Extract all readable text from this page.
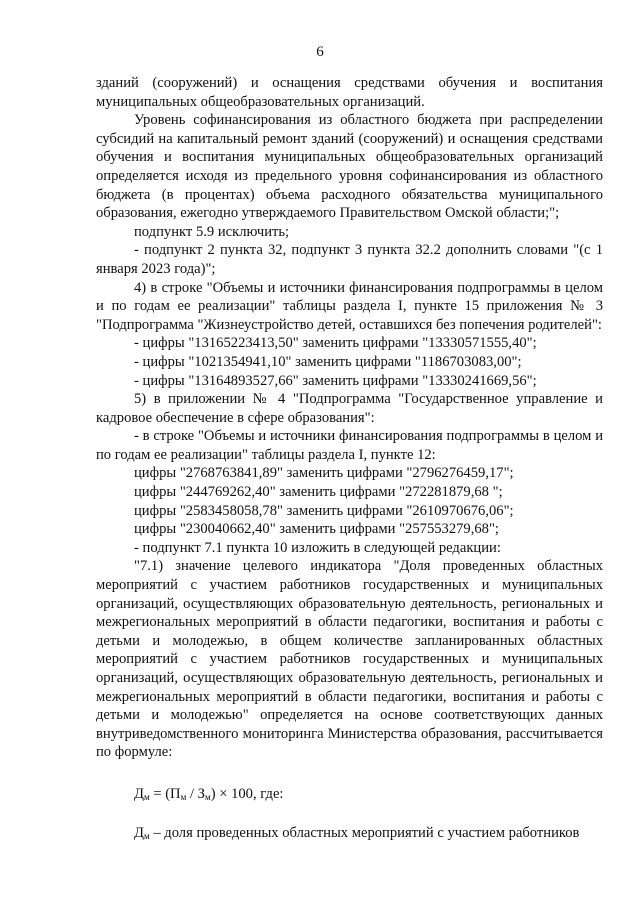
6

зданий (сооружений) и оснащения средствами обучения и воспитания муниципальных общеобразовательных организаций.

Уровень софинансирования из областного бюджета при распределении субсидий на капитальный ремонт зданий (сооружений) и оснащения средствами обучения и воспитания муниципальных общеобразовательных организаций определяется исходя из предельного уровня софинансирования из областного бюджета (в процентах) объема расходного обязательства муниципального образования, ежегодно утверждаемого Правительством Омской области;";

подпункт 5.9 исключить;

- подпункт 2 пункта 32, подпункт 3 пункта 32.2 дополнить словами "(с 1 января 2023 года)";

4) в строке "Объемы и источники финансирования подпрограммы в целом и по годам ее реализации" таблицы раздела I, пункте 15 приложения № 3 "Подпрограмма "Жизнеустройство детей, оставшихся без попечения родителей":

- цифры "13165223413,50" заменить цифрами "13330571555,40";

- цифры "1021354941,10" заменить цифрами "1186703083,00";

- цифры "13164893527,66" заменить цифрами "13330241669,56";

5) в приложении № 4 "Подпрограмма "Государственное управление и кадровое обеспечение в сфере образования":

- в строке "Объемы и источники финансирования подпрограммы в целом и по годам ее реализации" таблицы раздела I, пункте 12:

цифры "2768763841,89" заменить цифрами "2796276459,17";

цифры "244769262,40" заменить цифрами "272281879,68 ";

цифры "2583458058,78" заменить цифрами "2610970676,06";

цифры "230040662,40" заменить цифрами "257553279,68";

- подпункт 7.1 пункта 10 изложить в следующей редакции:

"7.1) значение целевого индикатора "Доля проведенных областных мероприятий с участием работников государственных и муниципальных организаций, осуществляющих образовательную деятельность, региональных и межрегиональных мероприятий в области педагогики, воспитания и работы с детьми и молодежью, в общем количестве запланированных областных мероприятий с участием работников государственных и муниципальных организаций, осуществляющих образовательную деятельность, региональных и межрегиональных мероприятий в области педагогики, воспитания и работы с детьми и молодежью" определяется на основе соответствующих данных внутриведомственного мониторинга Министерства образования, рассчитывается по формуле:

$Д_м = (П_м / З_м) \times 100$, где:

$Д_м$ – доля проведенных областных мероприятий с участием работников
